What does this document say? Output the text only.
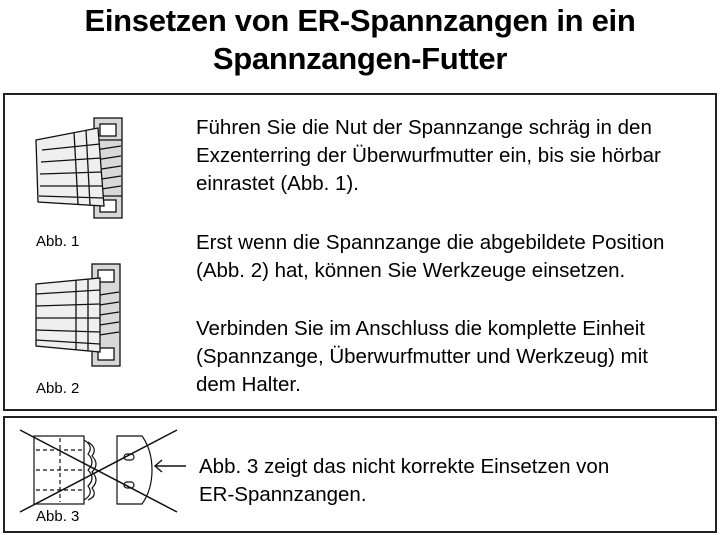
Einsetzen von ER-Spannzangen in ein
Spannzangen-Futter
Abb. 1
Abb. 2
Führen Sie die Nut der Spannzange schräg in den
Exzenterring der Überwurfmutter ein, bis sie hörbar
einrastet (Abb. 1).
Erst wenn die Spannzange die abgebildete Position
(Abb. 2) hat, können Sie Werkzeuge einsetzen.
Verbinden Sie im Anschluss die komplette Einheit
(Spannzange, Überwurfmutter und Werkzeug) mit
dem Halter.
Abb. 3
Abb. 3 zeigt das nicht korrekte Einsetzen von
ER-Spannzangen.
